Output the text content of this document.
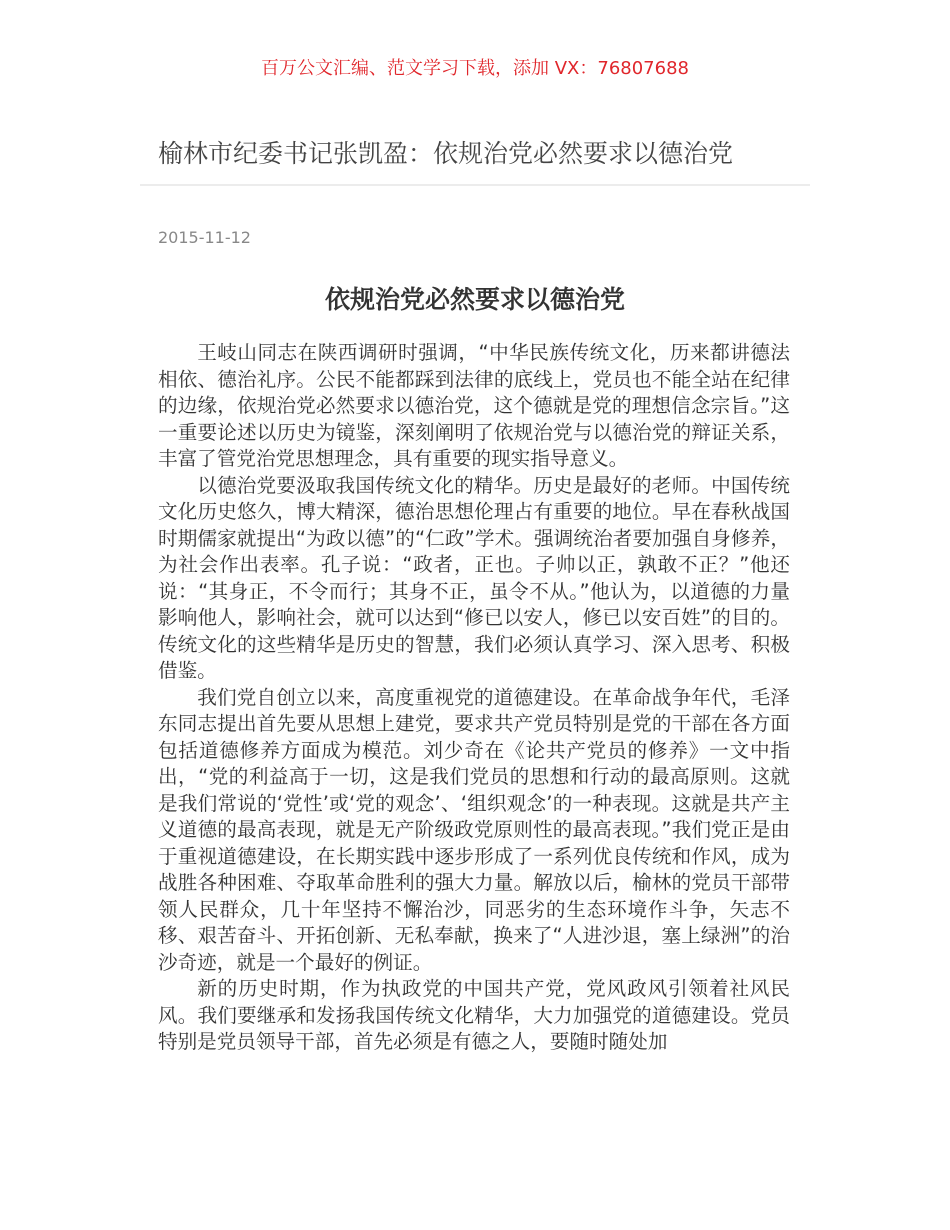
百万公文汇编、范文学习下载，添加 VX：76807688
榆林市纪委书记张凯盈：依规治党必然要求以德治党
2015-11-12
依规治党必然要求以德治党

王岐山同志在陕西调研时强调，“中华民族传统文化，历来都讲德法相依、德治礼序。公民不能都踩到法律的底线上，党员也不能全站在纪律的边缘，依规治党必然要求以德治党，这个德就是党的理想信念宗旨。”这一重要论述以历史为镜鉴，深刻阐明了依规治党与以德治党的辩证关系，丰富了管党治党思想理念，具有重要的现实指导意义。

以德治党要汲取我国传统文化的精华。历史是最好的老师。中国传统文化历史悠久，博大精深，德治思想伦理占有重要的地位。早在春秋战国时期儒家就提出“为政以德”的“仁政”学术。强调统治者要加强自身修养，为社会作出表率。孔子说：“政者，正也。子帅以正，孰敢不正？”他还说：“其身正，不令而行；其身不正，虽令不从。”他认为，以道德的力量影响他人，影响社会，就可以达到“修已以安人，修已以安百姓”的目的。传统文化的这些精华是历史的智慧，我们必须认真学习、深入思考、积极借鉴。

我们党自创立以来，高度重视党的道德建设。在革命战争年代，毛泽东同志提出首先要从思想上建党，要求共产党员特别是党的干部在各方面包括道德修养方面成为模范。刘少奇在《论共产党员的修养》一文中指出，“党的利益高于一切，这是我们党员的思想和行动的最高原则。这就是我们常说的‘党性’或‘党的观念’、‘组织观念’的一种表现。这就是共产主义道德的最高表现，就是无产阶级政党原则性的最高表现。”我们党正是由于重视道德建设，在长期实践中逐步形成了一系列优良传统和作风，成为战胜各种困难、夺取革命胜利的强大力量。解放以后，榆林的党员干部带领人民群众，几十年坚持不懈治沙，同恶劣的生态环境作斗争，矢志不移、艰苦奋斗、开拓创新、无私奉献，换来了“人进沙退，塞上绿洲”的治沙奇迹，就是一个最好的例证。

新的历史时期，作为执政党的中国共产党，党风政风引领着社风民风。我们要继承和发扬我国传统文化精华，大力加强党的道德建设。党员特别是党员领导干部，首先必须是有德之人，要随时随处加
